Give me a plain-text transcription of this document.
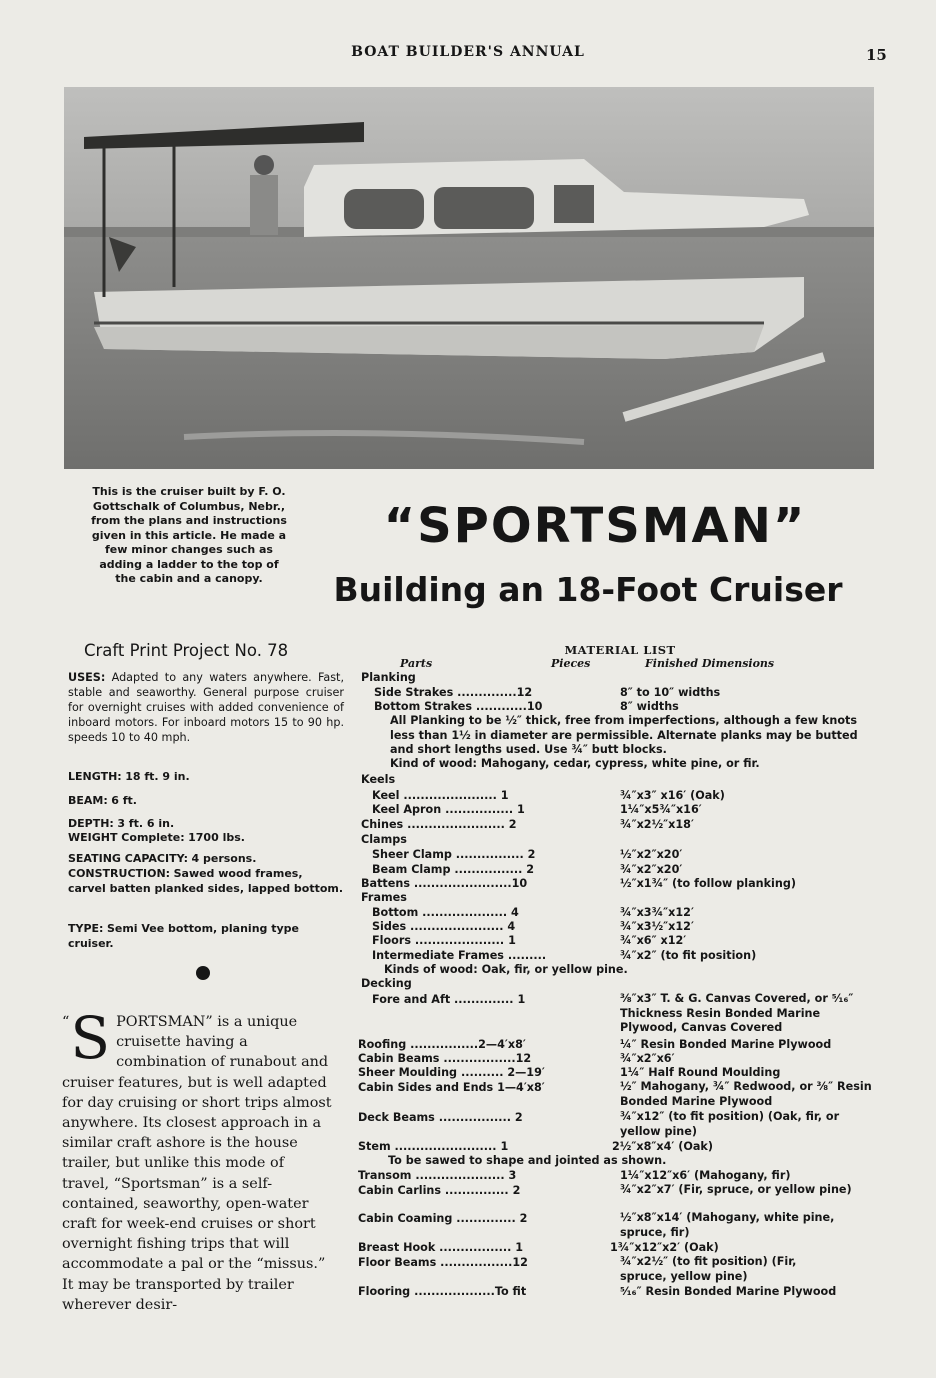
BOAT BUILDER'S ANNUAL	15
This is the cruiser built by F. O. Gottschalk of Columbus, Nebr., from the plans and instructions given in this article. He made a few minor changes such as adding a ladder to the top of the cabin and a canopy.
“SPORTSMAN”
Building an 18-Foot Cruiser
Craft Print Project No. 78
USES: Adapted to any waters anywhere. Fast, stable and seaworthy. General purpose cruiser for overnight cruises with added convenience of inboard motors. For inboard motors 15 to 90 hp. speeds 10 to 40 mph.
LENGTH: 18 ft. 9 in.
BEAM: 6 ft.
DEPTH: 3 ft. 6 in.
WEIGHT Complete: 1700 lbs.
SEATING CAPACITY: 4 persons.
CONSTRUCTION: Sawed wood frames, carvel batten planked sides, lapped bottom.
TYPE: Semi Vee bottom, planing type cruiser.
“ S PORTSMAN” is a unique cruisette having a combination of runabout and cruiser features, but is well adapted for day cruising or short trips almost anywhere. Its closest approach in a similar craft ashore is the house trailer, but unlike this mode of travel, “Sportsman” is a self-contained, seaworthy, open-water craft for week-end cruises or short overnight fishing trips that will accommodate a pal or the “missus.” It may be transported by trailer wherever desir-
MATERIAL LIST
Parts	Pieces	Finished Dimensions
Planking
Side Strakes ..............12	8″ to 10″ widths
Bottom Strakes ............10	8″ widths
All Planking to be ½″ thick, free from imperfections, although a few knots less than 1½ in diameter are permissible. Alternate planks may be butted and short lengths used. Use ¾″ butt blocks.
Kind of wood: Mahogany, cedar, cypress, white pine, or fir.
Keels
Keel ...................... 1	¾″x3″ x16′ (Oak)
Keel Apron ................ 1	1¼″x5¾″x16′
Chines ....................... 2	¾″x2½″x18′
Clamps
Sheer Clamp ................ 2	½″x2″x20′
Beam Clamp ................ 2	¾″x2″x20′
Battens .......................10	½″x1¾″ (to follow planking)
Frames
Bottom .................... 4	¾″x3¾″x12′
Sides ...................... 4	¾″x3½″x12′
Floors ..................... 1	¾″x6″ x12′
Intermediate Frames .........	¾″x2″ (to fit position)
Kinds of wood: Oak, fir, or yellow pine.
Decking
Fore and Aft .............. 1	⅜″x3″ T. & G. Canvas Covered, or ⁵⁄₁₆″ Thickness Resin Bonded Marine Plywood, Canvas Covered
Roofing ................2—4′x8′	¼″ Resin Bonded Marine Plywood
Cabin Beams .................12	¾″x2″x6′
Sheer Moulding .......... 2—19′	1¼″ Half Round Moulding
Cabin Sides and Ends 1—4′x8′	½″ Mahogany, ¾″ Redwood, or ⅜″ Resin Bonded Marine Plywood
Deck Beams ................. 2	¾″x12″ (to fit position) (Oak, fir, or yellow pine)
Stem ........................ 1	2½″x8″x4′ (Oak)
To be sawed to shape and jointed as shown.
Transom ..................... 3	1¼″x12″x6′ (Mahogany, fir)
Cabin Carlins ............... 2	¾″x2″x7′ (Fir, spruce, or yellow pine)
Cabin Coaming .............. 2	½″x8″x14′ (Mahogany, white pine, spruce, fir)
Breast Hook ................. 1	1¾″x12″x2′ (Oak)
Floor Beams .................12	¾″x2½″ (to fit position) (Fir, spruce, yellow pine)
Flooring ...................To fit	⁵⁄₁₆″ Resin Bonded Marine Plywood
